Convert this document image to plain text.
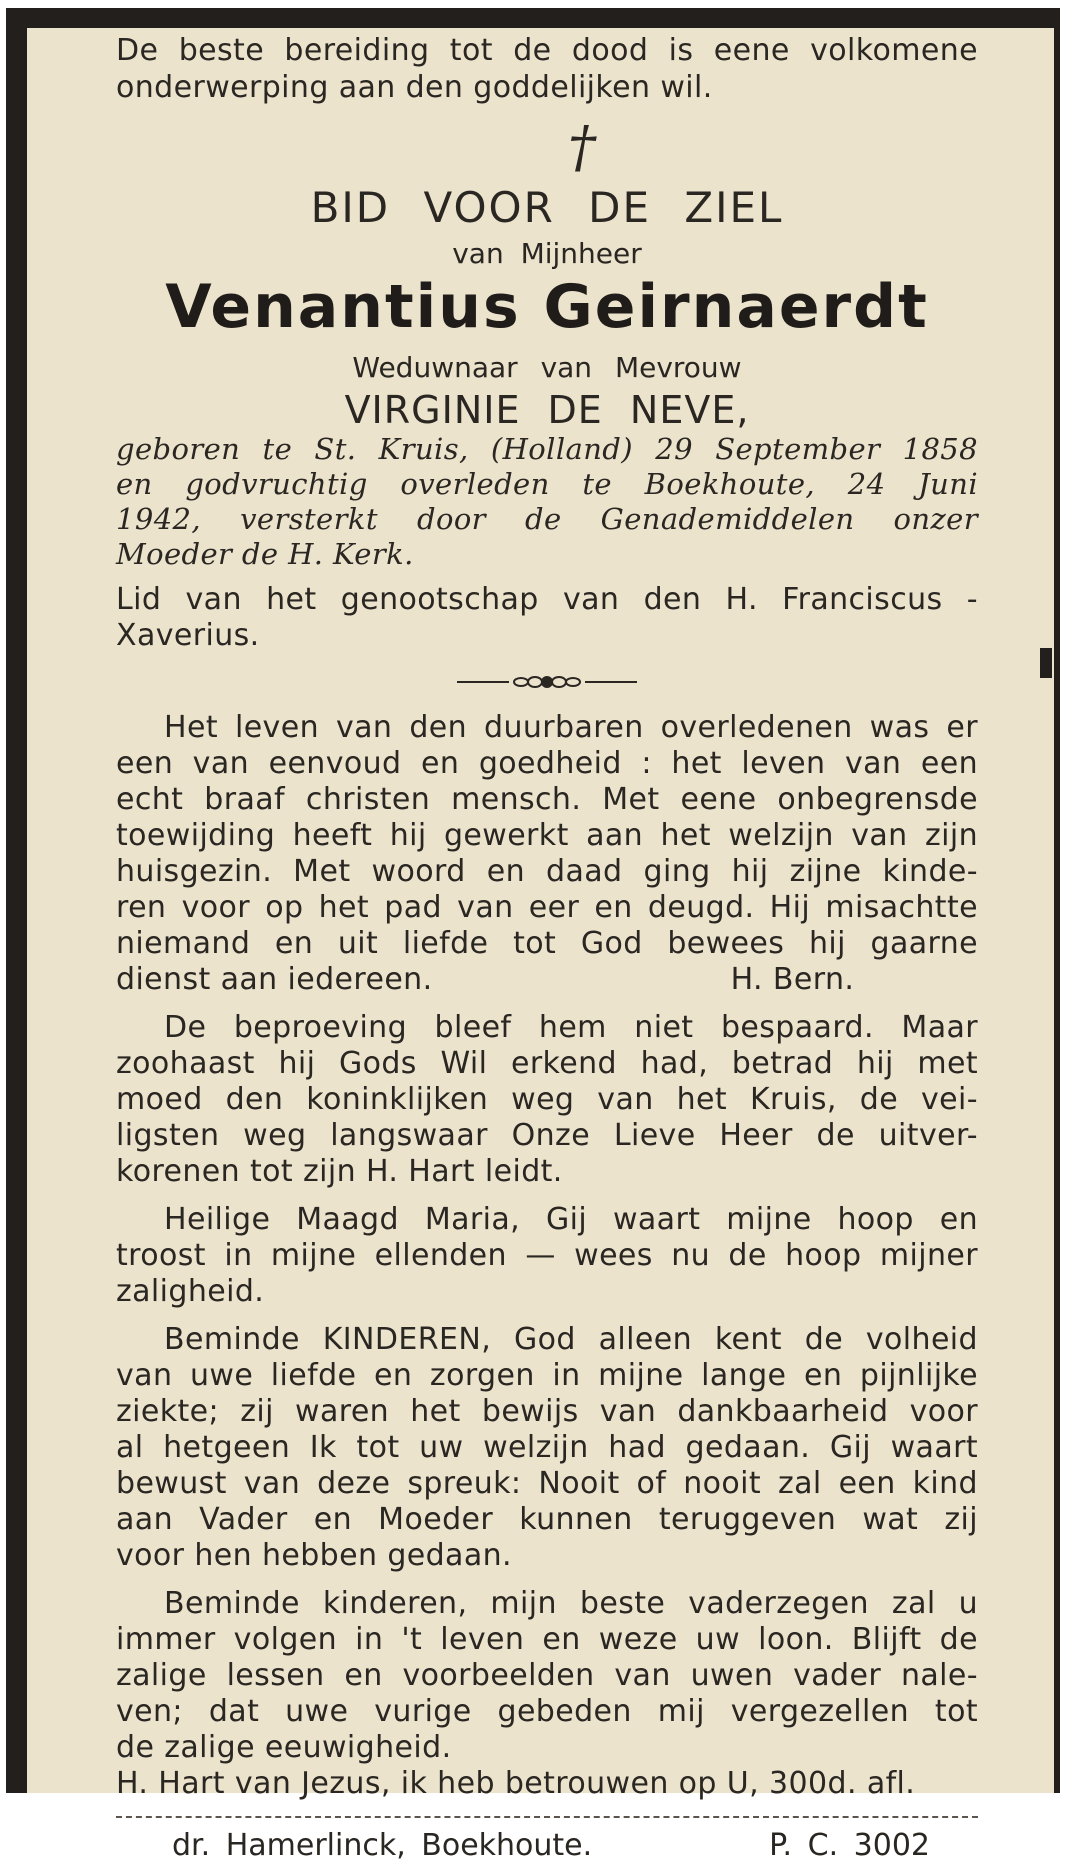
De beste bereiding tot de dood is eene volkomene
onderwerping aan den goddelijken wil.
†
BID VOOR DE ZIEL
van Mijnheer
Venantius Geirnaerdt
Weduwnaar van Mevrouw
VIRGINIE DE NEVE,
geboren te St. Kruis, (Holland) 29 September 1858
en godvruchtig overleden te Boekhoute, 24 Juni
1942, versterkt door de Genademiddelen onzer
Moeder de H. Kerk.
Lid van het genootschap van den H. Franciscus -
Xaverius.
Het leven van den duurbaren overledenen was er
een van eenvoud en goedheid : het leven van een
echt braaf christen mensch. Met eene onbegrensde
toewijding heeft hij gewerkt aan het welzijn van zijn
huisgezin. Met woord en daad ging hij zijne kinde-
ren voor op het pad van eer en deugd. Hij misachtte
niemand en uit liefde tot God bewees hij gaarne
dienst aan iedereen.                              H. Bern.
De beproeving bleef hem niet bespaard. Maar
zoohaast hij Gods Wil erkend had, betrad hij met
moed den koninklijken weg van het Kruis, de vei-
ligsten weg langswaar Onze Lieve Heer de uitver-
korenen tot zijn H. Hart leidt.
Heilige Maagd Maria, Gij waart mijne hoop en
troost in mijne ellenden — wees nu de hoop mijner
zaligheid.
Beminde KINDEREN, God alleen kent de volheid
van uwe liefde en zorgen in mijne lange en pijnlijke
ziekte; zij waren het bewijs van dankbaarheid voor
al hetgeen Ik tot uw welzijn had gedaan. Gij waart
bewust van deze spreuk: Nooit of nooit zal een kind
aan Vader en Moeder kunnen teruggeven wat zij
voor hen hebben gedaan.
Beminde kinderen, mijn beste vaderzegen zal u
immer volgen in 't leven en weze uw loon. Blijft de
zalige lessen en voorbeelden van uwen vader nale-
ven; dat uwe vurige gebeden mij vergezellen tot
de zalige eeuwigheid.
H. Hart van Jezus, ik heb betrouwen op U, 300d. afl.
dr. Hamerlinck, Boekhoute.	P. C. 3002
